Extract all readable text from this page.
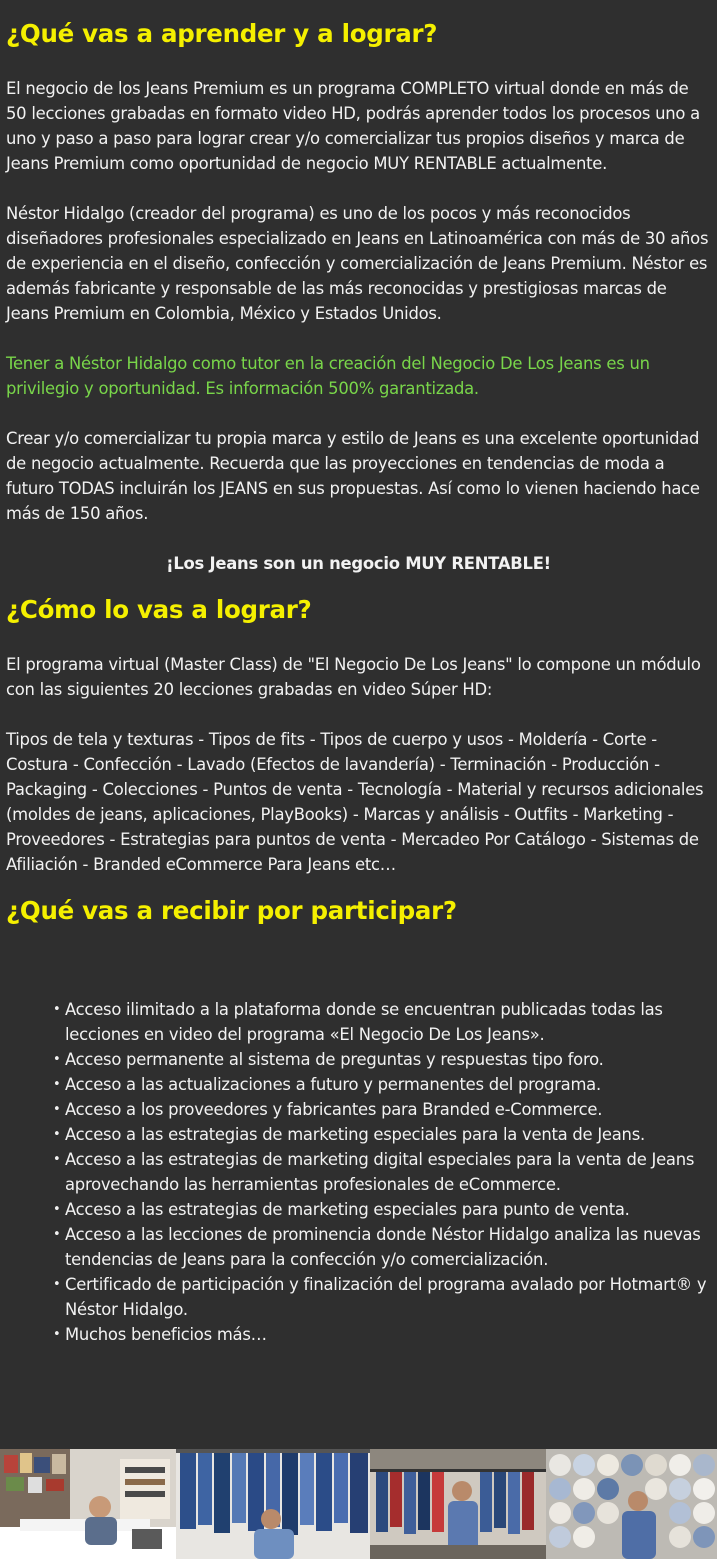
¿Qué vas a aprender y a lograr?

El negocio de los Jeans Premium es un programa COMPLETO virtual donde en más de 50 lecciones grabadas en formato video HD, podrás aprender todos los procesos uno a uno y paso a paso para lograr crear y/o comercializar tus propios diseños y marca de Jeans Premium como oportunidad de negocio MUY RENTABLE actualmente.

Néstor Hidalgo (creador del programa) es uno de los pocos y más reconocidos diseñadores profesionales especializado en Jeans en Latinoamérica con más de 30 años de experiencia en el diseño, confección y comercialización de Jeans Premium. Néstor es además fabricante y responsable de las más reconocidas y prestigiosas marcas de Jeans Premium en Colombia, México y Estados Unidos.

Tener a Néstor Hidalgo como tutor en la creación del Negocio De Los Jeans es un privilegio y oportunidad. Es información 500% garantizada.

Crear y/o comercializar tu propia marca y estilo de Jeans es una excelente oportunidad de negocio actualmente. Recuerda que las proyecciones en tendencias de moda a futuro TODAS incluirán los JEANS en sus propuestas. Así como lo vienen haciendo hace más de 150 años.

¡Los Jeans son un negocio MUY RENTABLE!

¿Cómo lo vas a lograr?

El programa virtual (Master Class) de "El Negocio De Los Jeans" lo compone un módulo con las siguientes 20 lecciones grabadas en video Súper HD:

Tipos de tela y texturas - Tipos de fits - Tipos de cuerpo y usos - Moldería - Corte - Costura - Confección - Lavado (Efectos de lavandería) - Terminación - Producción - Packaging - Colecciones - Puntos de venta - Tecnología - Material y recursos adicionales (moldes de jeans, aplicaciones, PlayBooks) - Marcas y análisis - Outfits - Marketing - Proveedores - Estrategias para puntos de venta - Mercadeo Por Catálogo - Sistemas de Afiliación - Branded eCommerce Para Jeans etc…

¿Qué vas a recibir por participar?
• Acceso ilimitado a la plataforma donde se encuentran publicadas todas las lecciones en video del programa «El Negocio De Los Jeans».
• Acceso permanente al sistema de preguntas y respuestas tipo foro.
• Acceso a las actualizaciones a futuro y permanentes del programa.
• Acceso a los proveedores y fabricantes para Branded e-Commerce.
• Acceso a las estrategias de marketing especiales para la venta de Jeans.
• Acceso a las estrategias de marketing digital especiales para la venta de Jeans aprovechando las herramientas profesionales de eCommerce.
• Acceso a las estrategias de marketing especiales para punto de venta.
• Acceso a las lecciones de prominencia donde Néstor Hidalgo analiza las nuevas tendencias de Jeans para la confección y/o comercialización.
• Certificado de participación y finalización del programa avalado por Hotmart® y Néstor Hidalgo.
• Muchos beneficios más…
